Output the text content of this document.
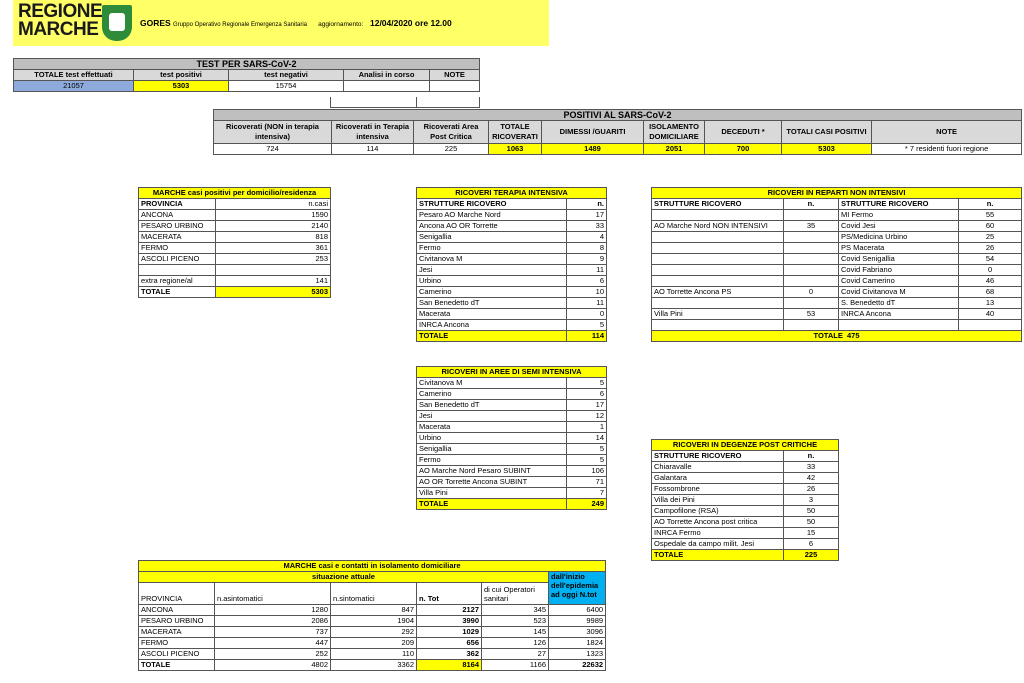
REGIONE
MARCHE	GORES Gruppo Operativo Regionale Emergenza Sanitaria aggiornamento: 12/04/2020 ore 12.00
TEST PER SARS-CoV-2				
TOTALE test effettuati	test positivi	test negativi	Analisi in corso	NOTE
21057	5303	15754		

POSITIVI AL SARS-CoV-2								
Ricoverati (NON in terapia intensiva)	Ricoverati in Terapia intensiva	Ricoverati Area Post Critica	TOTALE RICOVERATI	DIMESSI /GUARITI	ISOLAMENTO DOMICILIARE	DECEDUTI *	TOTALI CASI POSITIVI	NOTE
724	114	225	1063	1489	2051	700	5303	* 7 residenti fuori regione
MARCHE casi positivi per domicilio/residenza	
PROVINCIA	n.casi
ANCONA	1590
PESARO URBINO	2140
MACERATA	818
FERMO	361
ASCOLI PICENO	253

extra regione/al	141
TOTALE	5303
RICOVERI TERAPIA INTENSIVA	
STRUTTURE RICOVERO	n.
Pesaro AO Marche Nord	17
Ancona AO OR Torrette	33
Senigallia	4
Fermo	8
Civitanova M	9
Jesi	11
Urbino	6
Camerino	10
San Benedetto dT	11
Macerata	0
INRCA Ancona	5
TOTALE	114
RICOVERI IN AREE DI SEMI INTENSIVA	
Civitanova M	5
Camerino	6
San Benedetto dT	17
Jesi	12
Macerata	1
Urbino	14
Senigallia	5
Fermo	5
AO Marche Nord Pesaro SUBINT	106
AO OR Torrette Ancona SUBINT	71
Villa Pini	7
TOTALE	249
RICOVERI IN REPARTI NON INTENSIVI			
STRUTTURE RICOVERO	n.	STRUTTURE RICOVERO	n.
		MI Fermo	55
AO Marche Nord NON INTENSIVI	35	Covid Jesi	60
		PS/Medicina Urbino	25
		PS Macerata	26
		Covid Senigallia	54
		Covid Fabriano	0
		Covid Camerino	46
AO Torrette Ancona PS	0	Covid Civitanova M	68
		S. Benedetto dT	13
Villa Pini	53	INRCA Ancona	40

TOTALE 475			
RICOVERI IN DEGENZE POST CRITICHE	
STRUTTURE RICOVERO	n.
Chiaravalle	33
Galantara	42
Fossombrone	26
Villa dei Pini	3
Campofilone (RSA)	50
AO Torrette Ancona post critica	50
INRCA Fermo	15
Ospedale da campo milit. Jesi	6
TOTALE	225
MARCHE casi e contatti in isolamento domiciliare					
situazione attuale					dall'inizio dell'epidemia ad oggi N.tot
PROVINCIA	n.asintomatici	n.sintomatici	n. Tot	di cui Operatori sanitari	
ANCONA	1280	847	2127	345	6400
PESARO URBINO	2086	1904	3990	523	9989
MACERATA	737	292	1029	145	3096
FERMO	447	209	656	126	1824
ASCOLI PICENO	252	110	362	27	1323
TOTALE	4802	3362	8164	1166	22632
